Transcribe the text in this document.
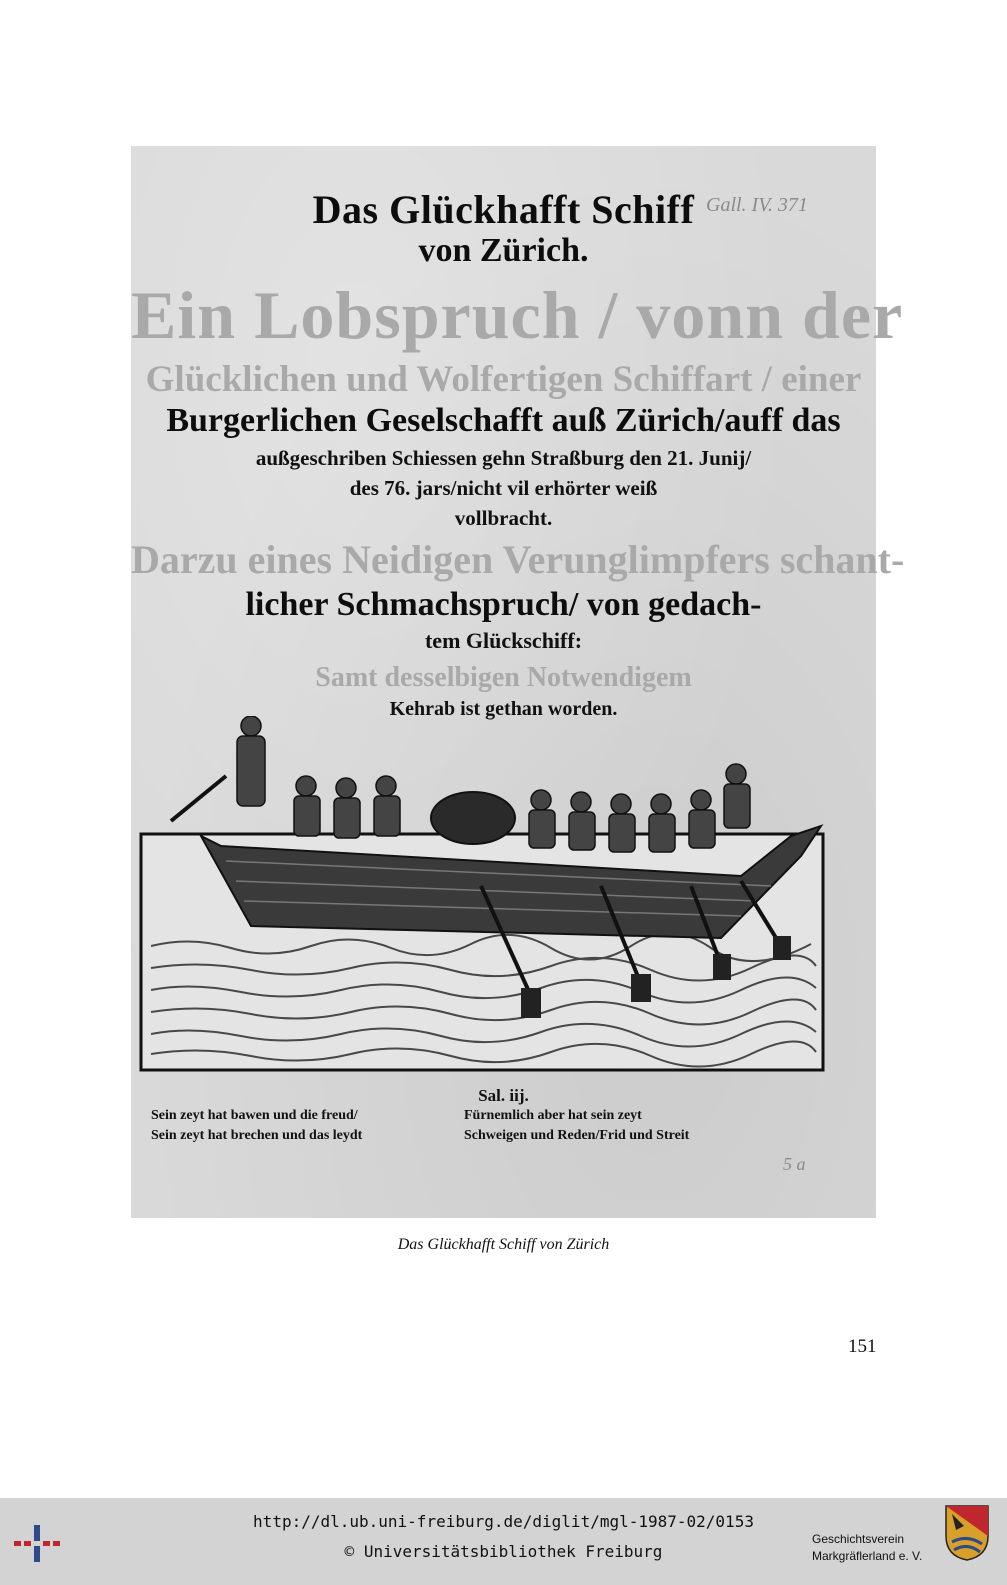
Das Glückhafft Schiff Gall. IV. 371
von Zürich.
Ein Lobspruch / vonn der
Glücklichen und Wolfertigen Schiffart / einer
Burgerlichen Geselschafft auß Zürich/auff das
außgeschriben Schiessen gehn Straßburg den 21. Junij/
des 76. jars/nicht vil erhörter weiß
vollbracht.
Darzu eines Neidigen Verunglimpfers schant-
licher Schmachspruch/ von gedach-
tem Glückschiff:
Samt desselbigen Notwendigem
Kehrab ist gethan worden.
Sal. iij.
Sein zeyt hat bawen und die freud/
Sein zeyt hat brechen und das leydt
Fürnemlich aber hat sein zeyt
Schweigen und Reden/Frid und Streit
5 a
Das Glückhafft Schiff von Zürich
151
http://dl.ub.uni-freiburg.de/diglit/mgl-1987-02/0153
© Universitätsbibliothek Freiburg
Geschichtsverein
Markgräflerland e. V.
